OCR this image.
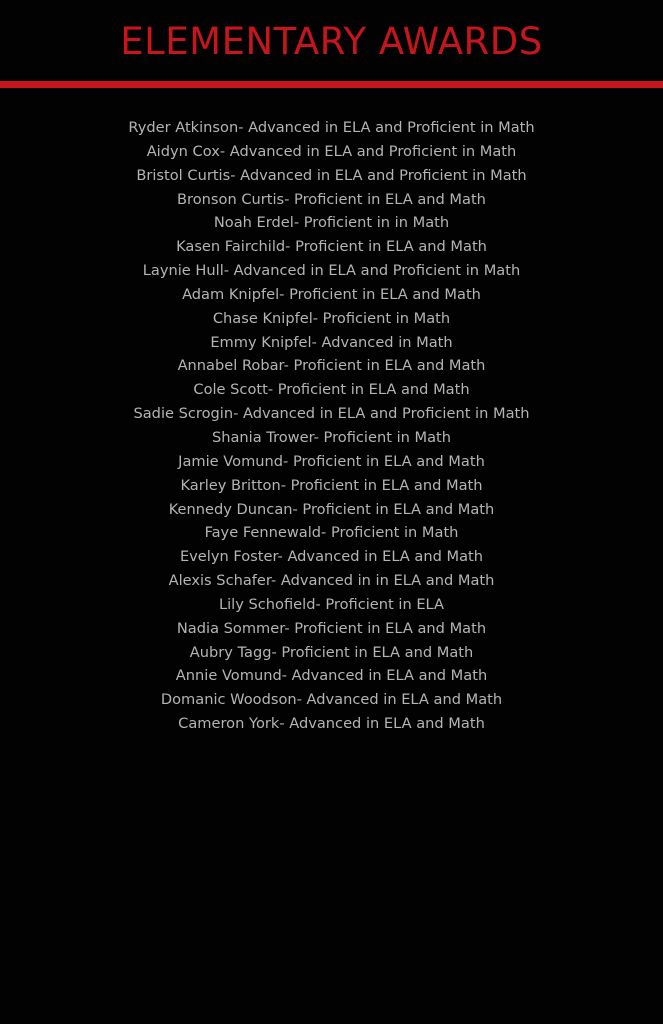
ELEMENTARY AWARDS
Ryder Atkinson- Advanced in ELA and Proficient in Math
Aidyn Cox- Advanced in ELA and Proficient in Math
Bristol Curtis- Advanced in ELA and Proficient in Math
Bronson Curtis- Proficient in ELA and Math
Noah Erdel- Proficient in in Math
Kasen Fairchild- Proficient in ELA and Math
Laynie Hull- Advanced in ELA and Proficient in Math
Adam Knipfel- Proficient in ELA and Math
Chase Knipfel- Proficient in Math
Emmy Knipfel- Advanced in Math
Annabel Robar- Proficient in ELA and Math
Cole Scott- Proficient in ELA and Math
Sadie Scrogin- Advanced in ELA and Proficient in Math
Shania Trower- Proficient in Math
Jamie Vomund- Proficient in ELA and Math
Karley Britton- Proficient in ELA and Math
Kennedy Duncan- Proficient in ELA and Math
Faye Fennewald- Proficient in Math
Evelyn Foster- Advanced in ELA and Math
Alexis Schafer- Advanced in in ELA and Math
Lily Schofield- Proficient in ELA
Nadia Sommer- Proficient in ELA and Math
Aubry Tagg- Proficient in ELA and Math
Annie Vomund- Advanced in ELA and Math
Domanic Woodson- Advanced in ELA and Math
Cameron York- Advanced in ELA and Math
